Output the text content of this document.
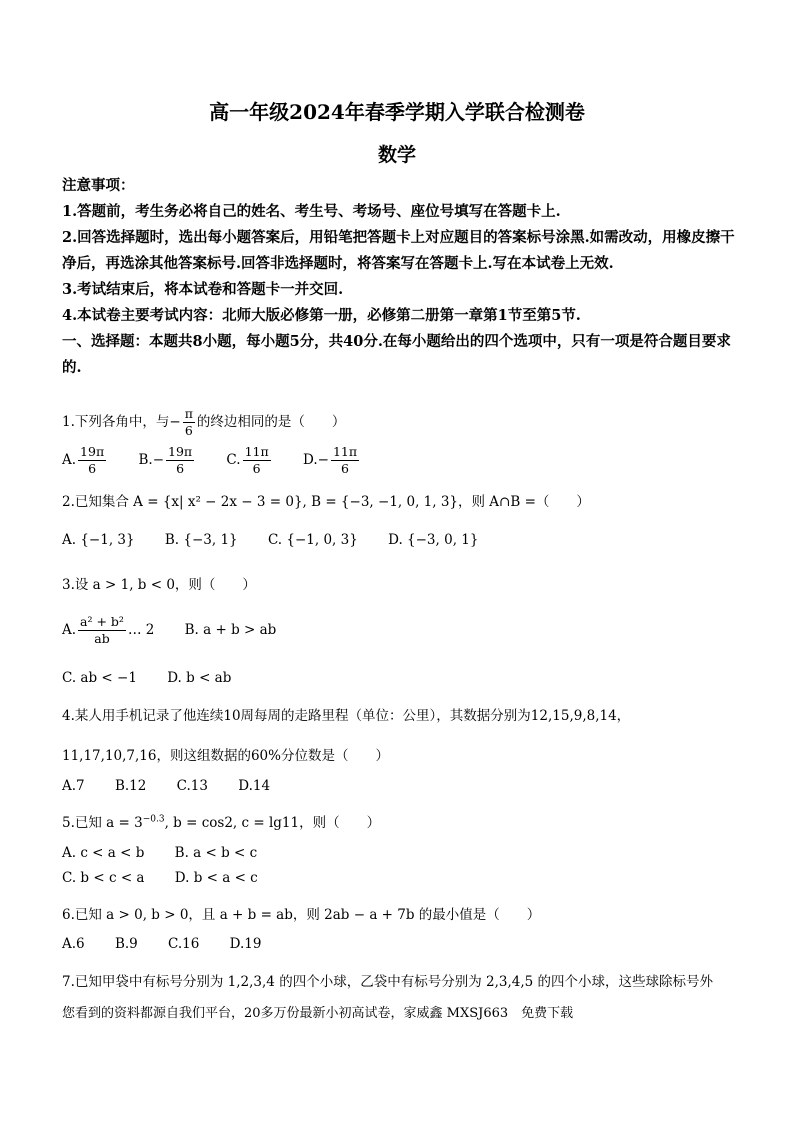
高一年级2024年春季学期入学联合检测卷
数学

注意事项：

1.答题前，考生务必将自己的姓名、考生号、考场号、座位号填写在答题卡上.

2.回答选择题时，选出每小题答案后，用铅笔把答题卡上对应题目的答案标号涂黑.如需改动，用橡皮擦干净后，再选涂其他答案标号.回答非选择题时，将答案写在答题卡上.写在本试卷上无效.

3.考试结束后，将本试卷和答题卡一并交回.

4.本试卷主要考试内容：北师大版必修第一册，必修第二册第一章第1节至第5节.

一、选择题：本题共8小题，每小题5分，共40分.在每小题给出的四个选项中，只有一项是符合题目要求的.

1.下列各角中，与− $\frac{\pi}{6}$ 的终边相同的是（　　）
A. $\frac{19\pi}{6} B.- \frac{19\pi}{6} C$. $\frac{11\pi}{6} D.- \frac{11\pi}{6}$
2.已知集合 A = {x| x² − 2x − 3 = 0}, B = {−3, −1, 0, 1, 3}，则 A∩B =（　　）
A. {−1, 3} B. {−3, 1} C. {−1, 0, 3} D. {−3, 0, 1}
3.设 a > 1, b < 0，则（　　）
A. $\frac{\text{a² + b²}}{ab}$ … 2 B. a + b > ab
C. ab < −1 D. b < ab
4.某人用手机记录了他连续10周每周的走路里程（单位：公里），其数据分别为12,15,9,8,14，
11,17,10,7,16，则这组数据的60%分位数是（　　）
A.7 B.12 C.13 D.14
5.已知 $a = 3^{-0.3}$, b = cos2, c = lg11，则（　　）
A. c < a < b B. a < b < c
C. b < c < a D. b < a < c
6.已知 a > 0, b > 0，且 a + b = ab，则 2ab − a + 7b 的最小值是（　　）
A.6 B.9 C.16 D.19
7.已知甲袋中有标号分别为 1,2,3,4 的四个小球，乙袋中有标号分别为 2,3,4,5 的四个小球，这些球除标号外
您看到的资料都源自我们平台，20多万份最新小初高试卷，家威鑫 MXSJ663　免费下载
